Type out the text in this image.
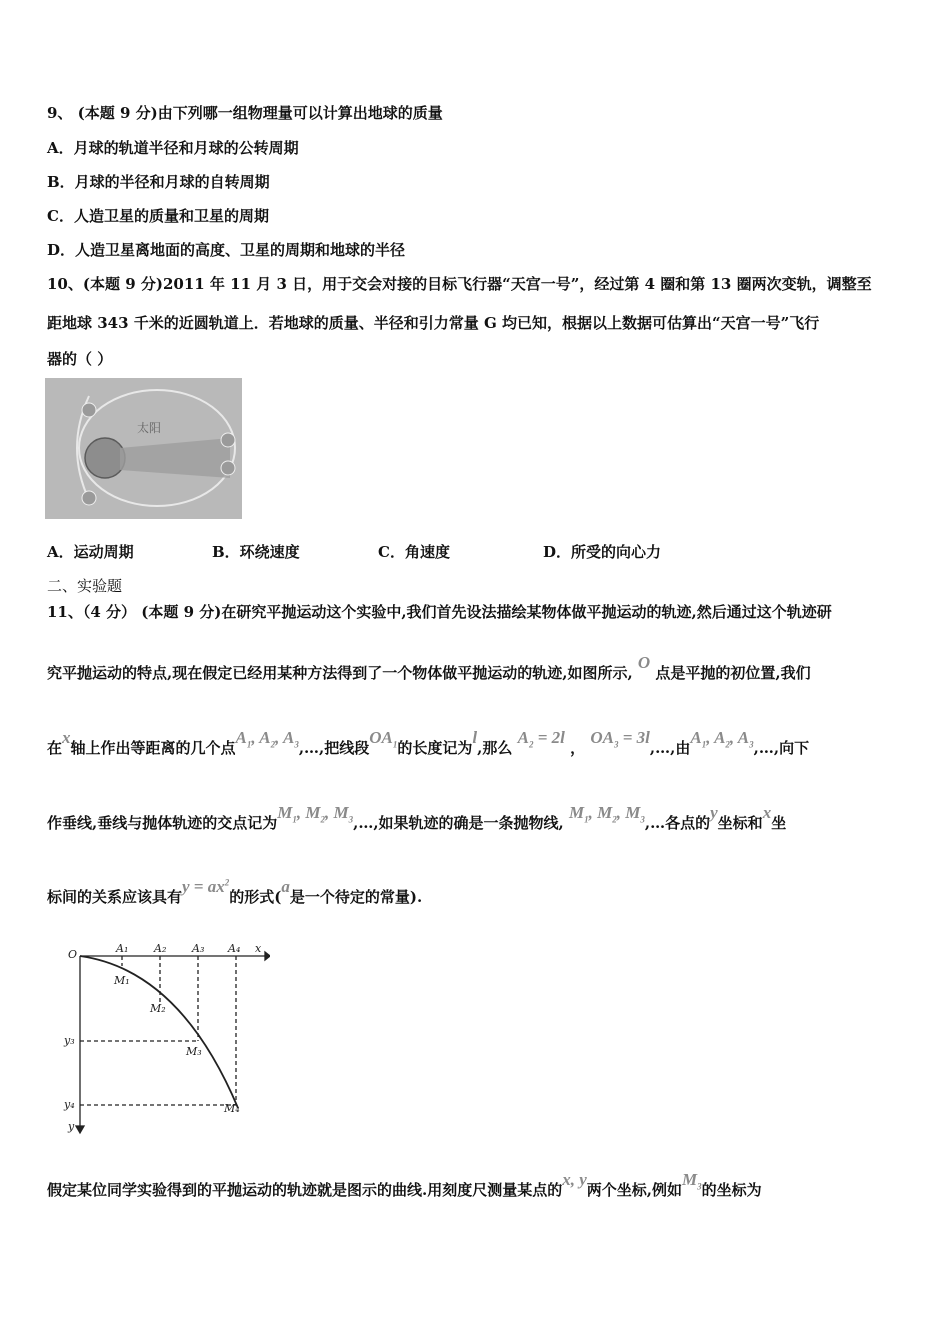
9、 (本题 9 分)由下列哪一组物理量可以计算出地球的质量
A．月球的轨道半径和月球的公转周期
B．月球的半径和月球的自转周期
C．人造卫星的质量和卫星的周期
D．人造卫星离地面的高度、卫星的周期和地球的半径
10、(本题 9 分)2011 年 11 月 3 日，用于交会对接的目标飞行器“天宫一号”，经过第 4 圈和第 13 圈两次变轨，调整至
距地球 343 千米的近圆轨道上．若地球的质量、半径和引力常量 G 均已知，根据以上数据可估算出“天宫一号”飞行
器的（ ）
太阳
A．运动周期	B．环绕速度	C．角速度	D．所受的向心力
二、实验题
11、（4 分） (本题 9 分)在研究平抛运动这个实验中,我们首先设法描绘某物体做平抛运动的轨迹,然后通过这个轨迹研
究平抛运动的特点,现在假定已经用某种方法得到了一个物体做平抛运动的轨迹,如图所示, O 点是平抛的初位置,我们
在x轴上作出等距离的几个点$A_1$, $A_2$, $A_3,\dots$,把线段$OA_1$的长度记为l,那么 $A_2 = 2l$ ， $OA_3$ = 3l,…,由$A_1$, $A_2$, $A_3,\dots$,向下
作垂线,垂线与抛体轨迹的交点记为$M_1$, $M_2$, $M_3,\dots$,如果轨迹的确是一条抛物线, $M_1$, $M_2$, $M_3,\dots$各点的y坐标和x坐
标间的关系应该具有$y = ax^2$的形式(a是一个待定的常量).
O	x
y
A₁ A₂ A₃ A₄
M₁
M₂
M₃
M₄
y₃
y₄
假定某位同学实验得到的平抛运动的轨迹就是图示的曲线.用刻度尺测量某点的x, y两个坐标,例如$M_3$的坐标为
